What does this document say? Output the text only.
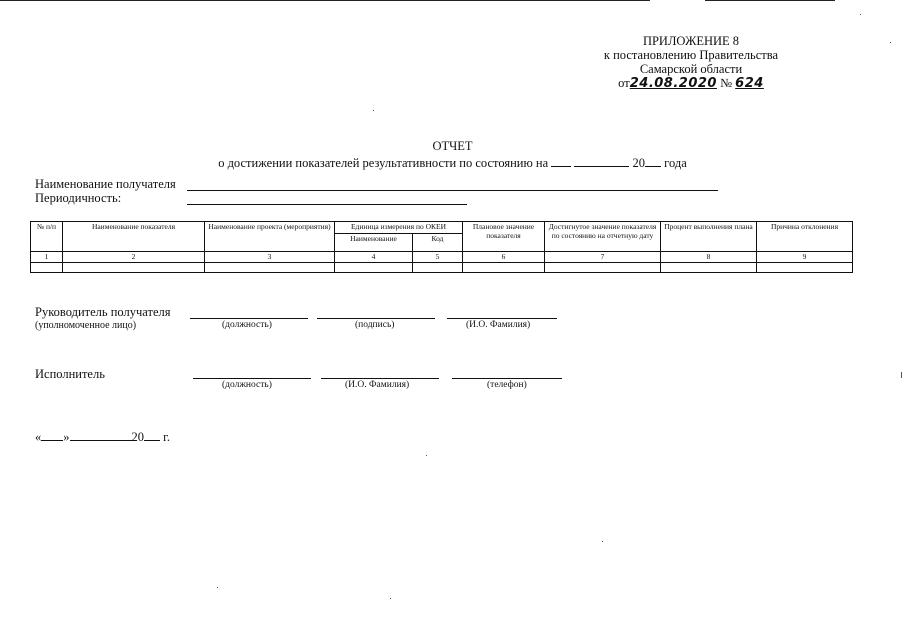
ПРИЛОЖЕНИЕ 8
к постановлению Правительства
Самарской области
от24.08.2020 № 624
ОТЧЕТ
о достижении показателей результативности по состоянию на	20 года
Наименование получателя
Периодичность:
№ п/п	Наименование показателя	Наименование проекта (мероприятия)	Единица измерения по ОКЕИ		Плановое значение показателя	Достигнутое значение показателя по состоянию на отчетную дату	Процент выполнения плана	Причина отклонения
			Наименование	Код				
1	2	3	4	5	6	7	8	9

Руководитель получателя
(уполномоченное лицо)	(должность)	(подпись)	(И.О. Фамилия)
Исполнитель
(должность)	(И.О. Фамилия)	(телефон)
« »	20 г.
